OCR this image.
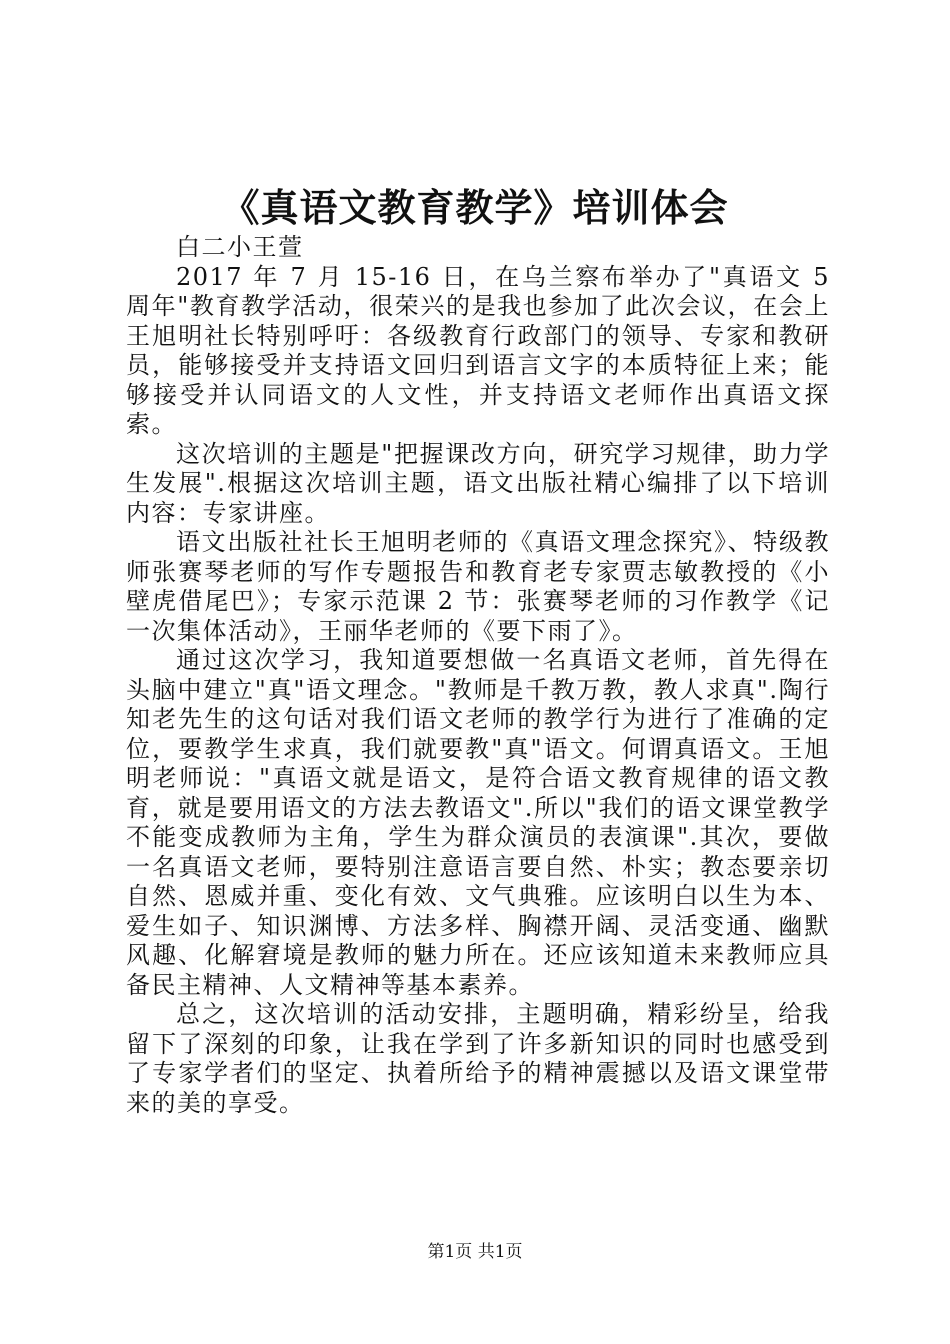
《真语文教育教学》培训体会

白二小王萱

2017 年 7 月 15-16 日，在乌兰察布举办了"真语文 5 周年"教育教学活动，很荣兴的是我也参加了此次会议，在会上王旭明社长特别呼吁：各级教育行政部门的领导、专家和教研员，能够接受并支持语文回归到语言文字的本质特征上来；能够接受并认同语文的人文性，并支持语文老师作出真语文探索。

这次培训的主题是"把握课改方向，研究学习规律，助力学生发展".根据这次培训主题，语文出版社精心编排了以下培训内容：专家讲座。

语文出版社社长王旭明老师的《真语文理念探究》、特级教师张赛琴老师的写作专题报告和教育老专家贾志敏教授的《小壁虎借尾巴》；专家示范课 2 节：张赛琴老师的习作教学《记一次集体活动》，王丽华老师的《要下雨了》。

通过这次学习，我知道要想做一名真语文老师，首先得在头脑中建立"真"语文理念。"教师是千教万教，教人求真".陶行知老先生的这句话对我们语文老师的教学行为进行了准确的定位，要教学生求真，我们就要教"真"语文。何谓真语文。王旭明老师说："真语文就是语文，是符合语文教育规律的语文教育，就是要用语文的方法去教语文".所以"我们的语文课堂教学不能变成教师为主角，学生为群众演员的表演课".其次，要做一名真语文老师，要特别注意语言要自然、朴实；教态要亲切自然、恩威并重、变化有效、文气典雅。应该明白以生为本、爱生如子、知识渊博、方法多样、胸襟开阔、灵活变通、幽默风趣、化解窘境是教师的魅力所在。还应该知道未来教师应具备民主精神、人文精神等基本素养。

总之，这次培训的活动安排，主题明确，精彩纷呈，给我留下了深刻的印象，让我在学到了许多新知识的同时也感受到了专家学者们的坚定、执着所给予的精神震撼以及语文课堂带来的美的享受。

第1页 共1页
